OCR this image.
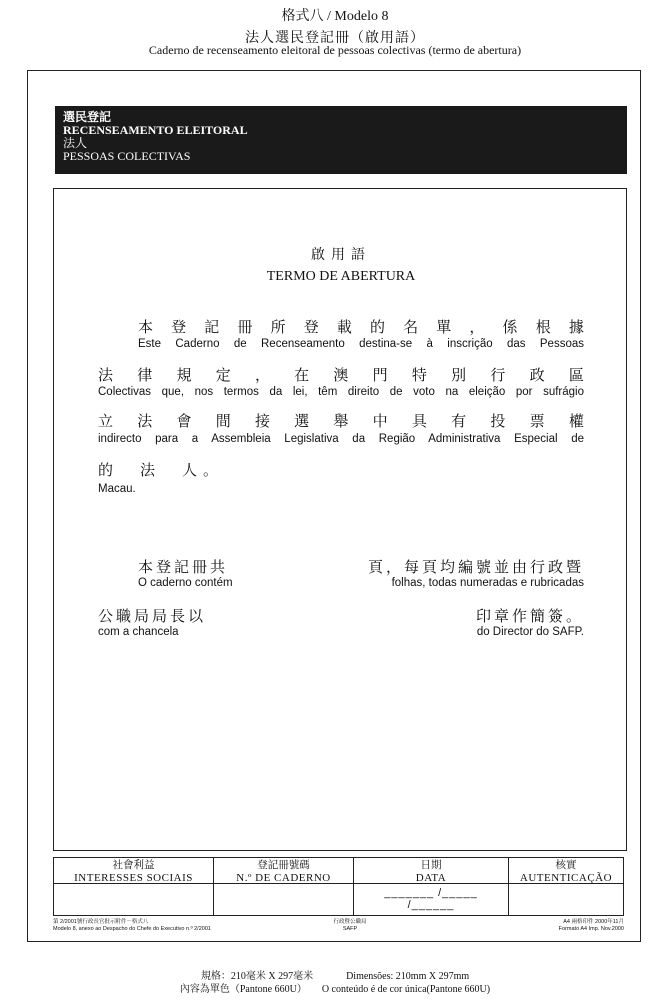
格式八 / Modelo 8
法人選民登記冊（啟用語）
Caderno de recenseamento eleitoral de pessoas colectivas (termo de abertura)
選民登記
RECENSEAMENTO ELEITORAL
法人
PESSOAS COLECTIVAS
啟用語
TERMO DE ABERTURA
本 登 記 冊 所 登 載 的 名 單 ， 係 根 據
Este Caderno de Recenseamento destina-se à inscrição das Pessoas
法 律 規 定 ， 在 澳 門 特 別 行 政 區
Colectivas que, nos termos da lei, têm direito de voto na eleição por sufrágio
立 法 會 間 接 選 舉 中 具 有 投 票 權
indirecto para a Assembleia Legislativa da Região Administrativa Especial de
的　法　人。
Macau.
本登記冊共
O caderno contém
頁，每頁均編號並由行政暨
folhas, todas numeradas e rubricadas
公職局局長以
com a chancela
印章作簡簽。
do Director do SAFP.
社會利益
INTERESSES SOCIAIS
登記冊號碼
N.º DE CADERNO
日期
DATA
_______ /_____ /______
核實
AUTENTICAÇÃO
第 2/2001號行政長官批示附件－格式八
Modelo 8, anexo ao Despacho do Chefe do Executivo n.º 2/2001
行政暨公職局
SAFP
A4 兩格印件 2000年11月
Formato A4 Imp. Nov.2000
規格：210毫米 X 297毫米	Dimensões: 210mm X 297mm
內容為單色（Pantone 660U） O conteúdo é de cor única(Pantone 660U)
